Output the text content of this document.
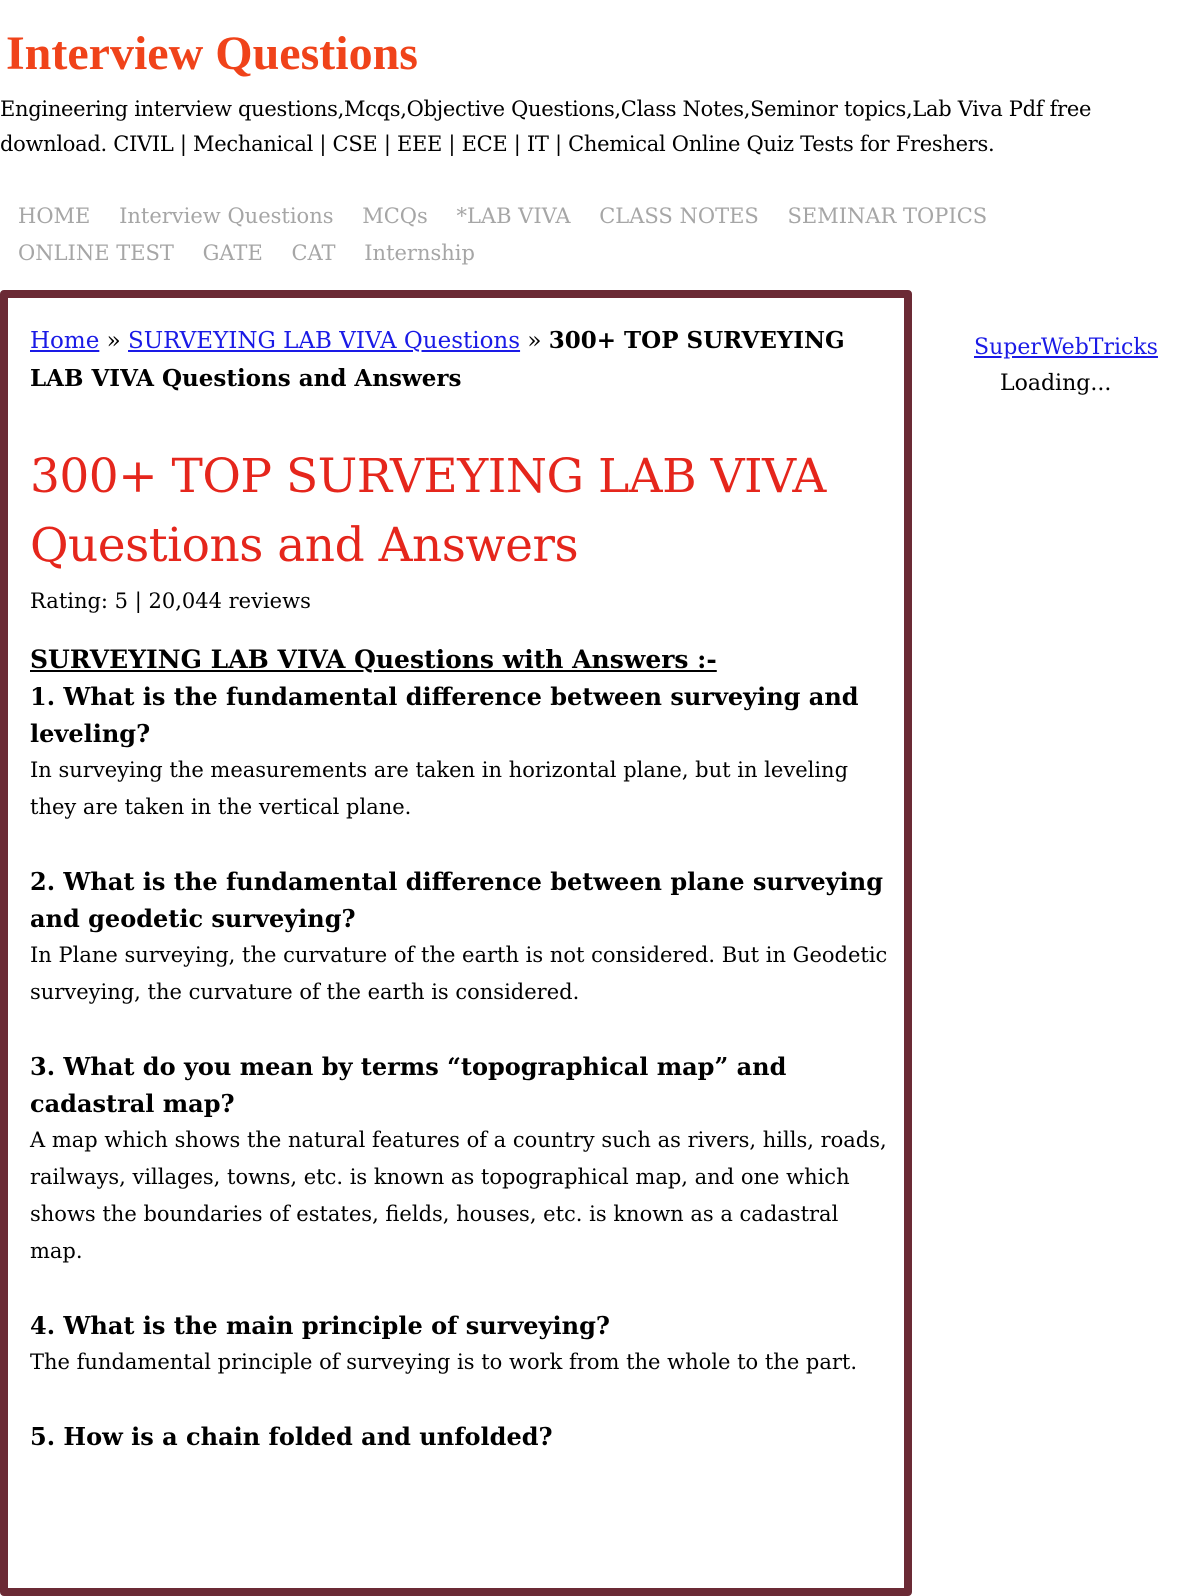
Interview Questions

Engineering interview questions,Mcqs,Objective Questions,Class Notes,Seminor topics,Lab Viva Pdf free download. CIVIL | Mechanical | CSE | EEE | ECE | IT | Chemical Online Quiz Tests for Freshers.

HOME Interview Questions MCQs *LAB VIVA CLASS NOTES SEMINAR TOPICS ONLINE TEST GATE CAT Internship

Home » SURVEYING LAB VIVA Questions » 300+ TOP SURVEYING LAB VIVA Questions and Answers

300+ TOP SURVEYING LAB VIVA Questions and Answers

Rating: 5 | 20,044 reviews

SURVEYING LAB VIVA Questions with Answers :-

1. What is the fundamental difference between surveying and leveling?

In surveying the measurements are taken in horizontal plane, but in leveling they are taken in the vertical plane.

2. What is the fundamental difference between plane surveying and geodetic surveying?

In Plane surveying, the curvature of the earth is not considered. But in Geodetic surveying, the curvature of the earth is considered.

3. What do you mean by terms “topographical map” and cadastral map?

A map which shows the natural features of a country such as rivers, hills, roads, railways, villages, towns, etc. is known as topographical map, and one which shows the boundaries of estates, fields, houses, etc. is known as a cadastral map.

4. What is the main principle of surveying?

The fundamental principle of surveying is to work from the whole to the part.

5. How is a chain folded and unfolded?

SuperWebTricks
Loading...
